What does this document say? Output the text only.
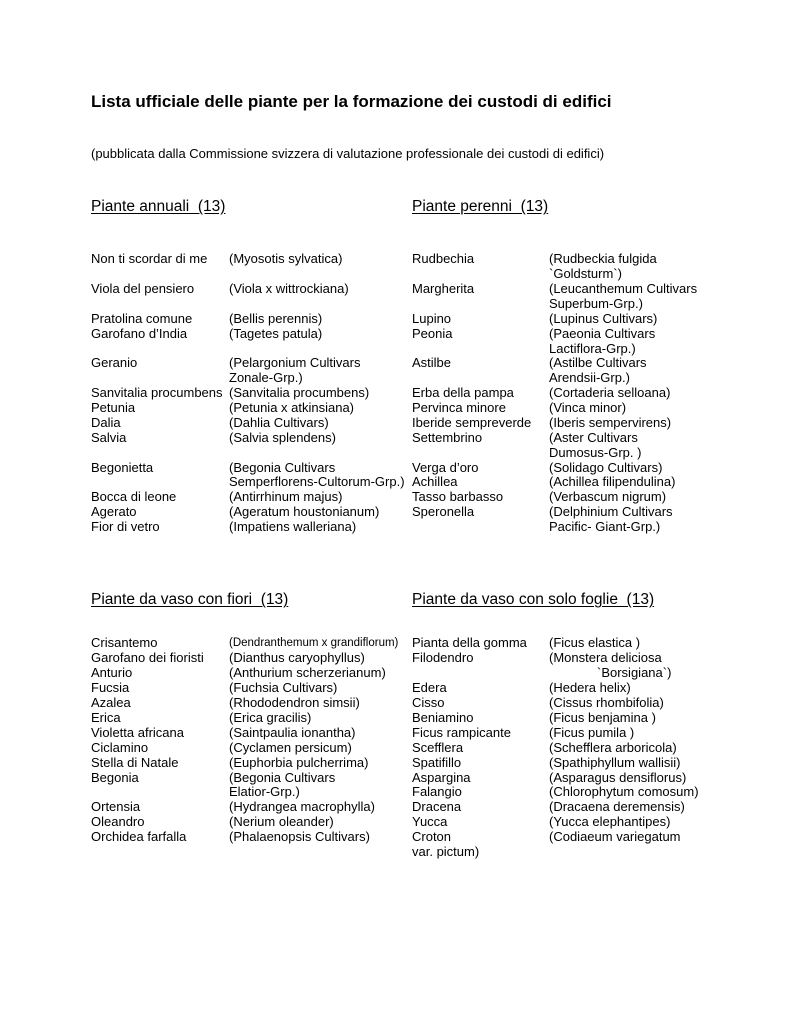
Lista ufficiale delle piante per la formazione dei custodi di edifici
(pubblicata dalla Commissione svizzera di valutazione professionale dei custodi di edifici)
Piante annuali  (13)
Non ti scordar di me (Myosotis sylvatica)
Viola del pensiero	(Viola x wittrockiana)
Pratolina comune	(Bellis perennis)
Garofano d’India	(Tagetes patula)
Geranio	(Pelargonium Cultivars
Zonale-Grp.)
Sanvitalia procumbens (Sanvitalia procumbens)
Petunia	(Petunia x atkinsiana)
Dalia	(Dahlia Cultivars)
Salvia	(Salvia splendens)
Begonietta	(Begonia Cultivars
Semperflorens-Cultorum-Grp.)
Bocca di leone	(Antirrhinum majus)
Agerato	(Ageratum houstonianum)
Fior di vetro	(Impatiens walleriana)
Piante perenni  (13)
Rudbechia	(Rudbeckia fulgida
`Goldsturm`)
Margherita	(Leucanthemum Cultivars
Superbum-Grp.)
Lupino	(Lupinus Cultivars)
Peonia	(Paeonia Cultivars
Lactiflora-Grp.)
Astilbe	(Astilbe Cultivars
Arendsii-Grp.)
Erba della pampa	(Cortaderia selloana)
Pervinca minore	(Vinca minor)
Iberide sempreverde (Iberis sempervirens)
Settembrino	(Aster Cultivars
Dumosus-Grp. )
Verga d’oro	(Solidago Cultivars)
Achillea	(Achillea filipendulina)
Tasso barbasso	(Verbascum nigrum)
Speronella	(Delphinium Cultivars
Pacific- Giant-Grp.)
Piante da vaso con fiori  (13)
Crisantemo	(Dendranthemum x grandiflorum)
Garofano dei fioristi (Dianthus caryophyllus)
Anturio	(Anthurium scherzerianum)
Fucsia	(Fuchsia Cultivars)
Azalea	(Rhododendron simsii)
Erica	(Erica gracilis)
Violetta africana	(Saintpaulia ionantha)
Ciclamino	(Cyclamen persicum)
Stella di Natale	(Euphorbia pulcherrima)
Begonia	(Begonia Cultivars
Elatior-Grp.)
Ortensia	(Hydrangea macrophylla)
Oleandro	(Nerium oleander)
Orchidea farfalla	(Phalaenopsis Cultivars)
Piante da vaso con solo foglie  (13)
Pianta della gomma (Ficus elastica )
Filodendro	(Monstera deliciosa
`Borsigiana`)
Edera	(Hedera helix)
Cisso	(Cissus rhombifolia)
Beniamino	(Ficus benjamina )
Ficus rampicante	(Ficus pumila )
Scefflera	(Schefflera arboricola)
Spatifillo	(Spathiphyllum wallisii)
Aspargina	(Asparagus densiflorus)
Falangio	(Chlorophytum comosum)
Dracena	(Dracaena deremensis)
Yucca	(Yucca elephantipes)
Croton	(Codiaeum variegatum
var. pictum)
